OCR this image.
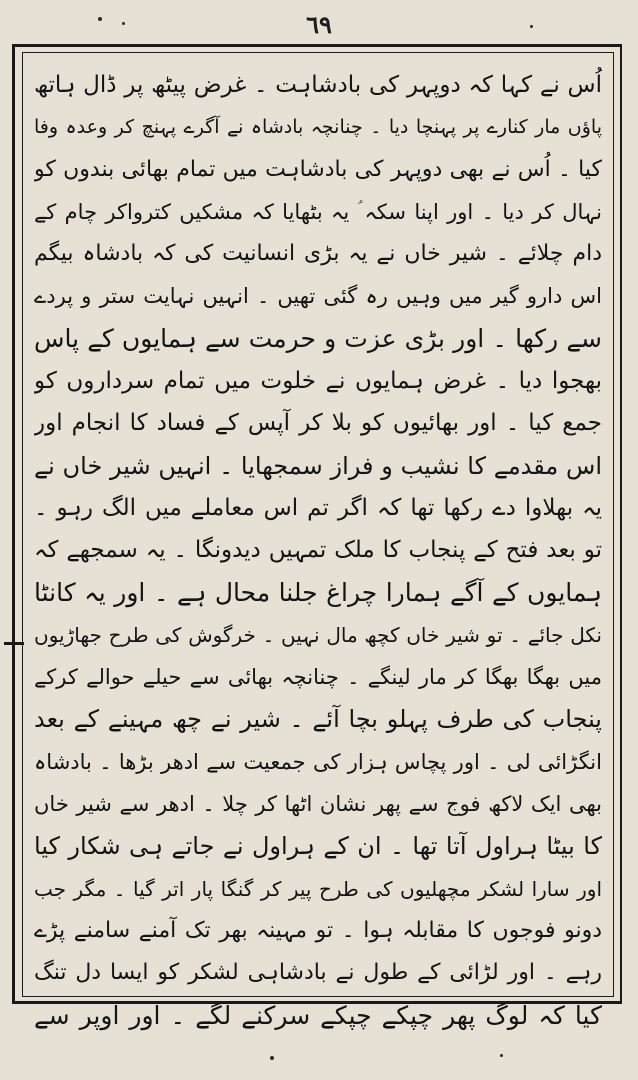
٦٩
اُس نے کہا کہ دوپہر کی بادشاہت ۔ غرض پیٹھ پر ڈال ہاتھ
پاؤں مار کنارے پر پہنچا دیا ۔ چنانچہ بادشاہ نے آگرے پہنچ کر وعدہ وفا
کیا ۔ اُس نے بھی دوپہر کی بادشاہت میں تمام بھائی بندوں کو
نہال کر دیا ۔ اور اپنا سکہ ؑ یہ بٹھایا کہ مشکیں کترواکر چام کے
دام چلائے ۔ شیر خاں نے یہ بڑی انسانیت کی کہ بادشاہ بیگم
اس دارو گیر میں وہیں رہ گئی تھیں ۔ انہیں نہایت ستر و پردے
سے رکھا ۔ اور بڑی عزت و حرمت سے ہمایوں کے پاس
بھجوا دیا ۔ غرض ہمایوں نے خلوت میں تمام سرداروں کو
جمع کیا ۔ اور بھائیوں کو بلا کر آپس کے فساد کا انجام اور
اس مقدمے کا نشیب و فراز سمجھایا ۔ انہیں شیر خاں نے
یہ بھلاوا دے رکھا تھا کہ اگر تم اس معاملے میں الگ رہو ۔
تو بعد فتح کے پنجاب کا ملک تمہیں دیدونگا ۔ یہ سمجھے کہ
ہمایوں کے آگے ہمارا چراغ جلنا محال ہے ۔ اور یہ کانٹا
نکل جائے ۔ تو شیر خاں کچھ مال نہیں ۔ خرگوش کی طرح جھاڑیوں
میں بھگا بھگا کر مار لینگے ۔ چنانچہ بھائی سے حیلے حوالے کرکے
پنجاب کی طرف پہلو بچا آئے ۔ شیر نے چھ مہینے کے بعد
انگڑائی لی ۔ اور پچاس ہزار کی جمعیت سے ادھر بڑھا ۔ بادشاہ
بھی ایک لاکھ فوج سے پھر نشان اٹھا کر چلا ۔ ادھر سے شیر خاں
کا بیٹا ہراول آتا تھا ۔ ان کے ہراول نے جاتے ہی شکار کیا
اور سارا لشکر مچھلیوں کی طرح پیر کر گنگا پار اتر گیا ۔ مگر جب
دونو فوجوں کا مقابلہ ہوا ۔ تو مہینہ بھر تک آمنے سامنے پڑے
رہے ۔ اور لڑائی کے طول نے بادشاہی لشکر کو ایسا دل تنگ
کیا کہ لوگ پھر چپکے چپکے سرکنے لگے ۔ اور اوپر سے
